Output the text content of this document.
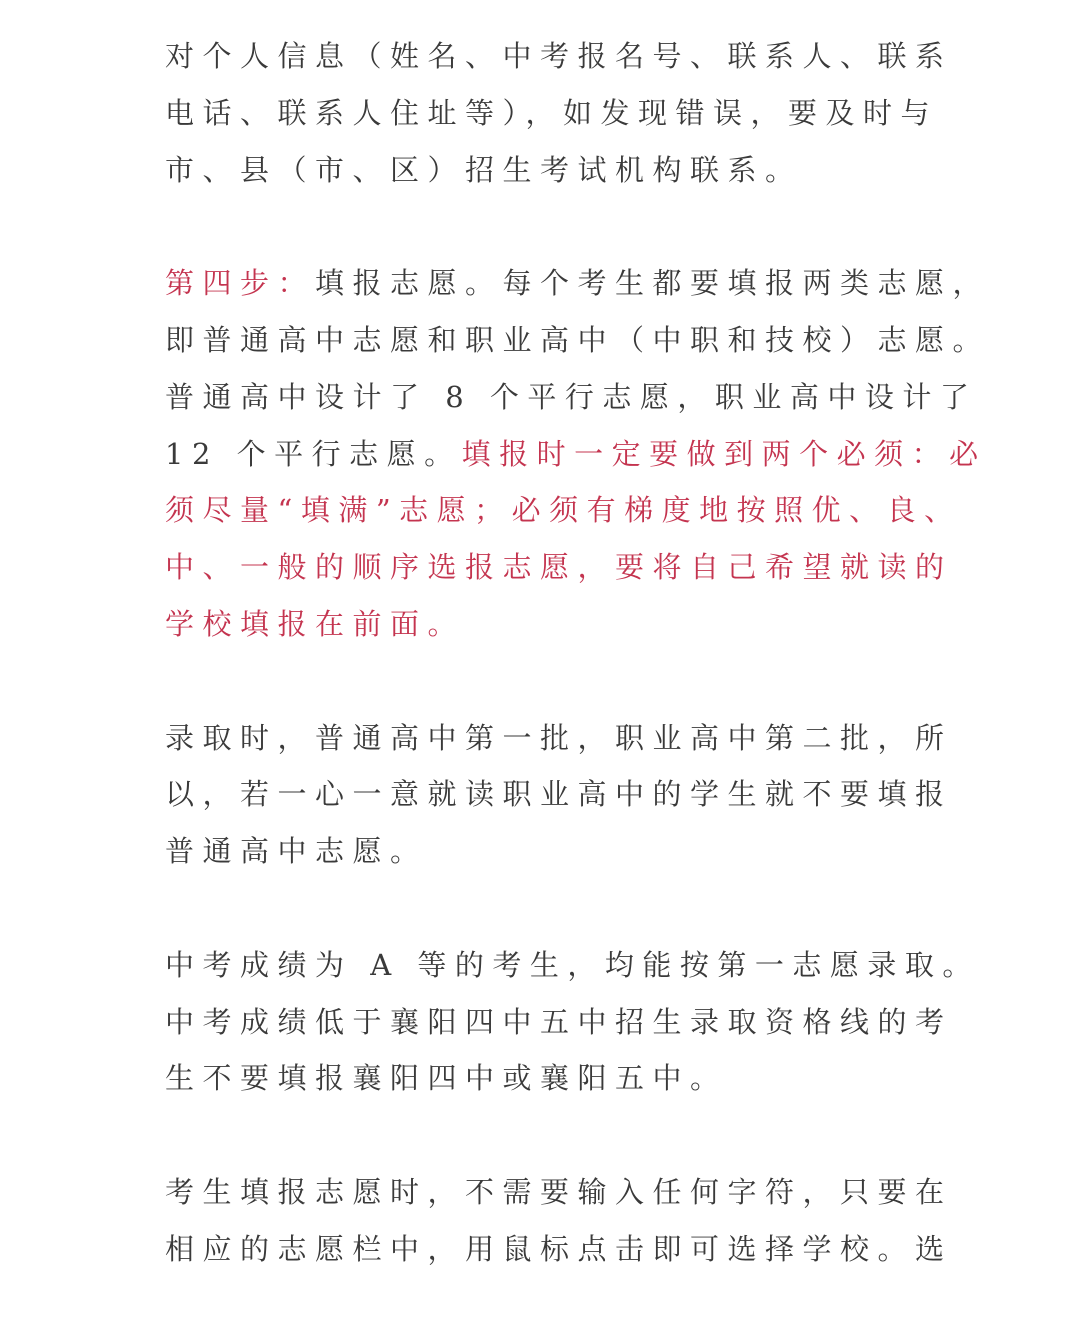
对个人信息（姓名、中考报名号、联系人、联系
电话、联系人住址等），如发现错误，要及时与
市、县（市、区）招生考试机构联系。

第四步：填报志愿。每个考生都要填报两类志愿，
即普通高中志愿和职业高中（中职和技校）志愿。
普通高中设计了 8 个平行志愿，职业高中设计了
12 个平行志愿。填报时一定要做到两个必须：必
须尽量“填满”志愿；必须有梯度地按照优、良、
中、一般的顺序选报志愿，要将自己希望就读的
学校填报在前面。

录取时，普通高中第一批，职业高中第二批，所
以，若一心一意就读职业高中的学生就不要填报
普通高中志愿。

中考成绩为 A 等的考生，均能按第一志愿录取。
中考成绩低于襄阳四中五中招生录取资格线的考
生不要填报襄阳四中或襄阳五中。

考生填报志愿时，不需要输入任何字符，只要在
相应的志愿栏中，用鼠标点击即可选择学校。选
